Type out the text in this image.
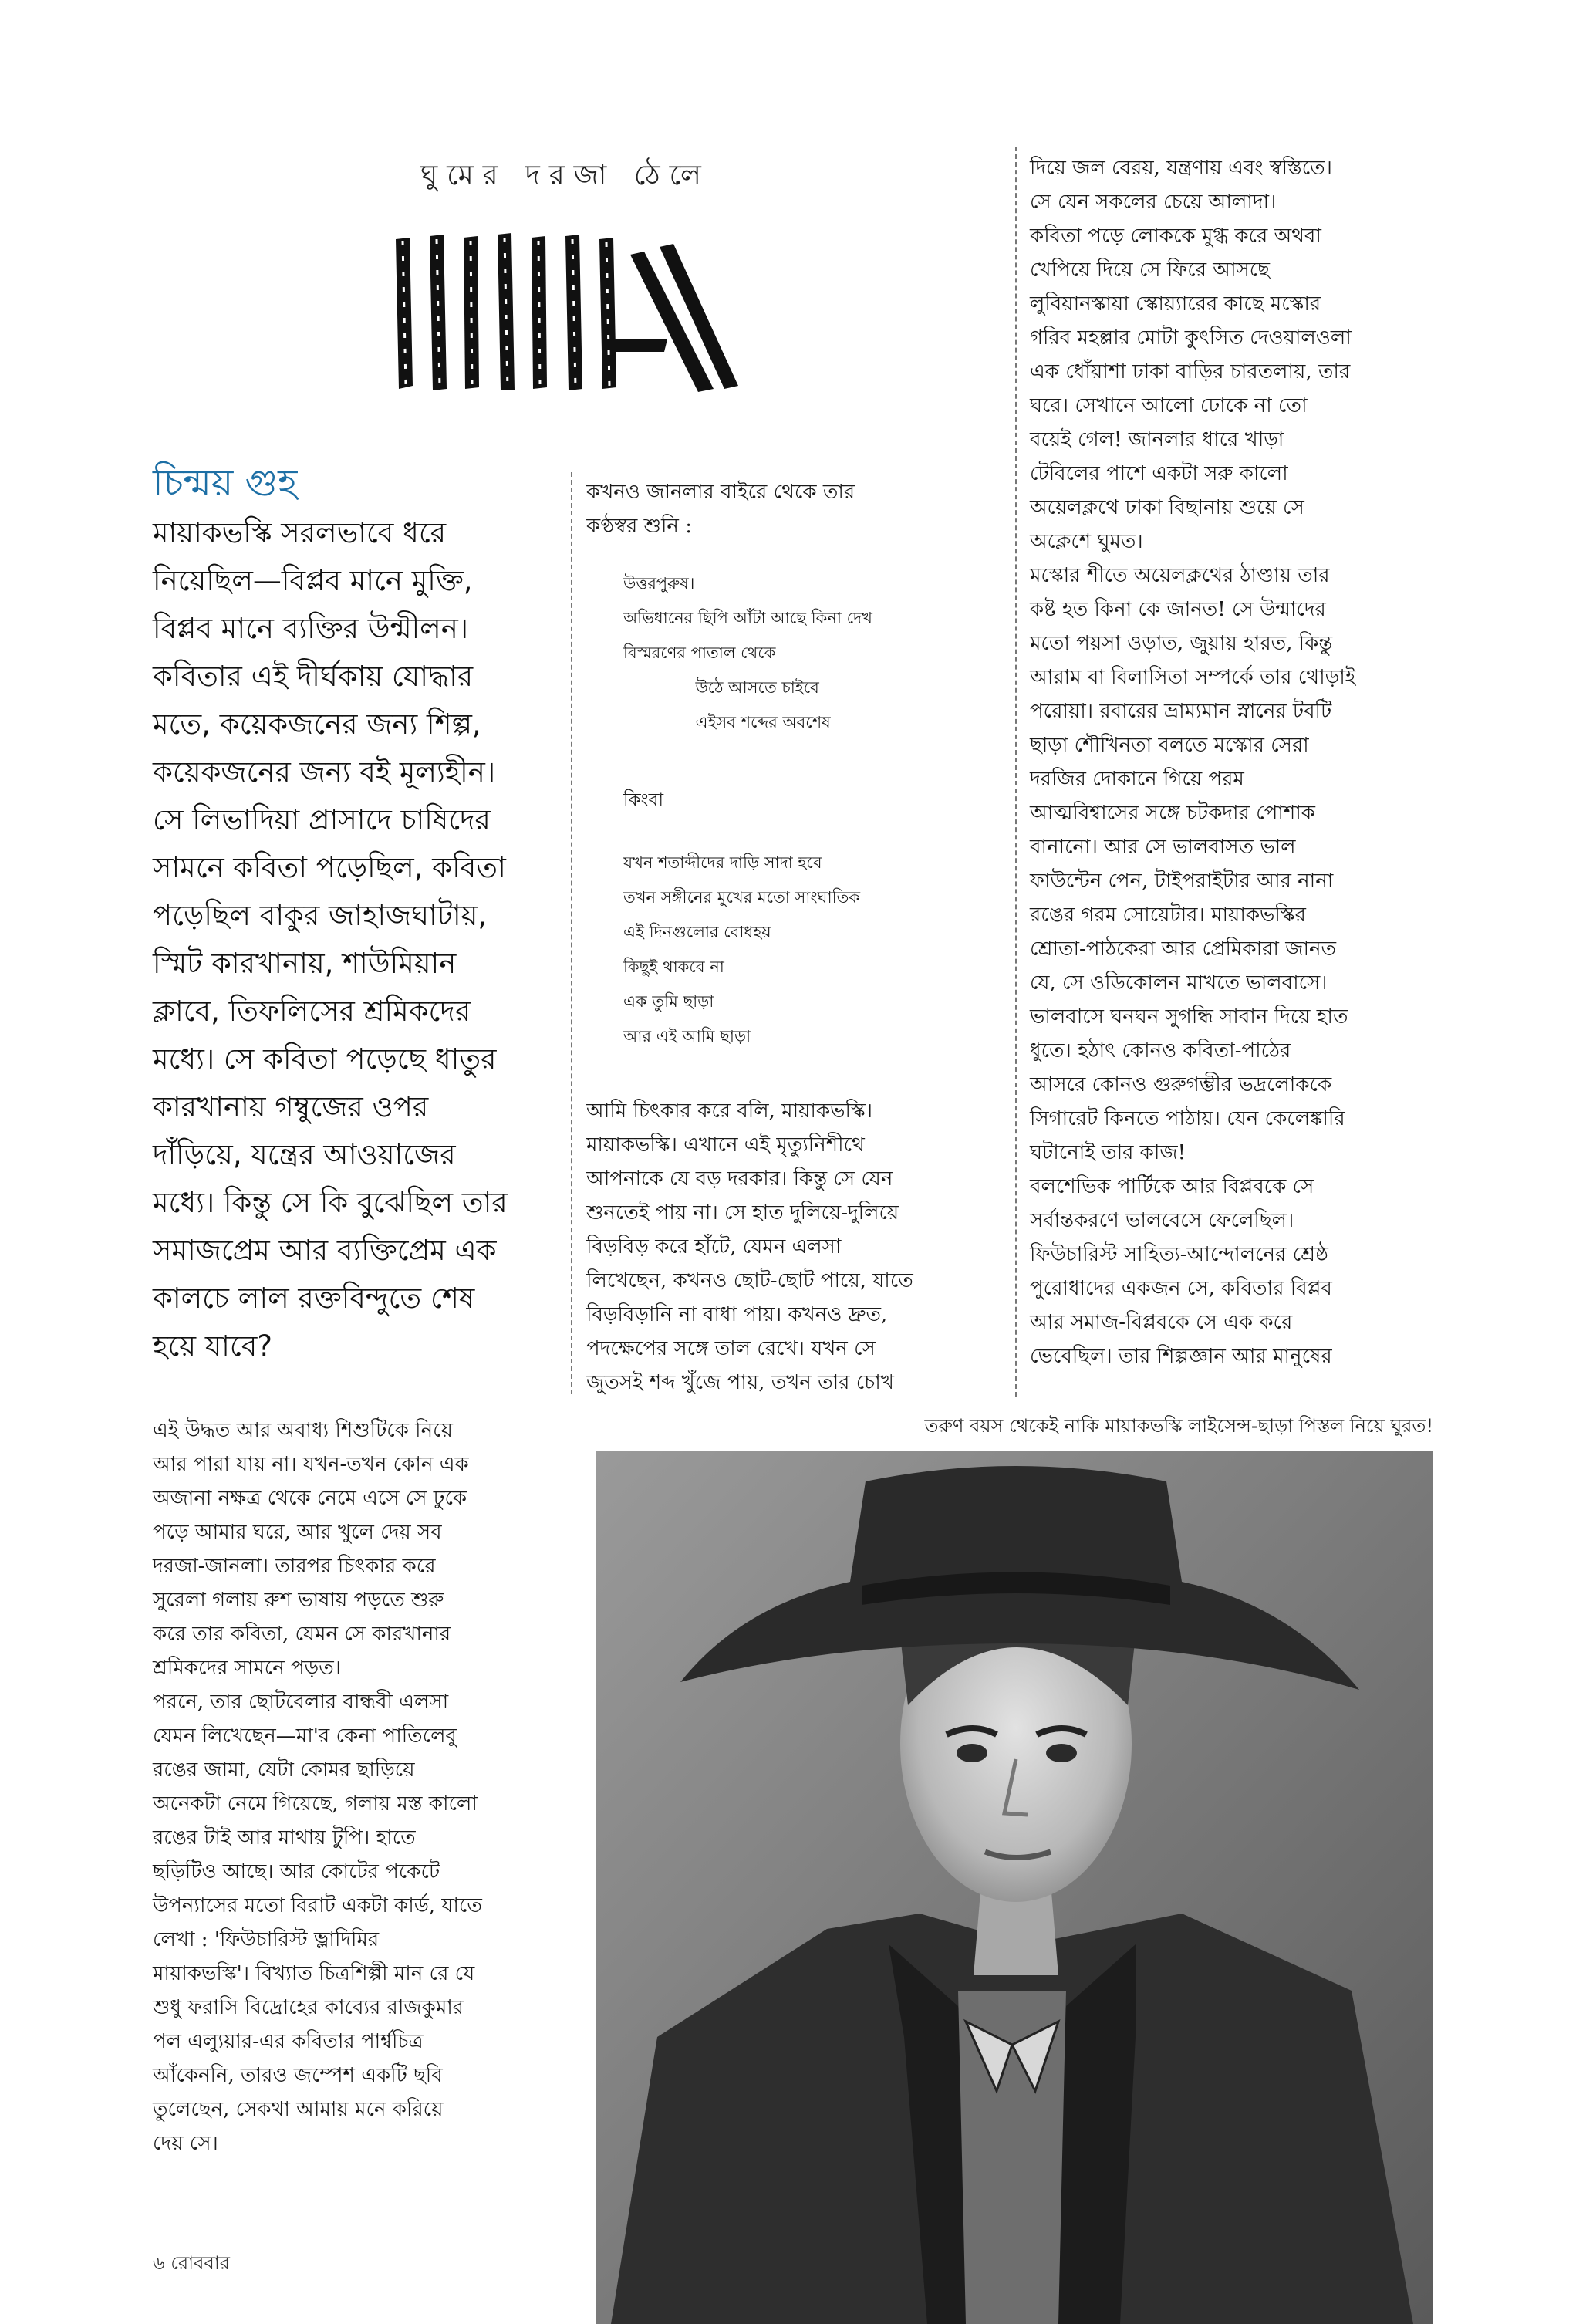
ঘুমের দরজা ঠেলে
চিন্ময় গুহ
মায়াকভস্কি সরলভাবে ধরে
নিয়েছিল—বিপ্লব মানে মুক্তি,
বিপ্লব মানে ব্যক্তির উন্মীলন।
কবিতার এই দীর্ঘকায় যোদ্ধার
মতে, কয়েকজনের জন্য শিল্প,
কয়েকজনের জন্য বই মূল্যহীন।
সে লিভাদিয়া প্রাসাদে চাষিদের
সামনে কবিতা পড়েছিল, কবিতা
পড়েছিল বাকুর জাহাজঘাটায়,
স্মিট কারখানায়, শাউমিয়ান
ক্লাবে, তিফলিসের শ্রমিকদের
মধ্যে। সে কবিতা পড়েছে ধাতুর
কারখানায় গম্বুজের ওপর
দাঁড়িয়ে, যন্ত্রের আওয়াজের
মধ্যে। কিন্তু সে কি বুঝেছিল তার
সমাজপ্রেম আর ব্যক্তিপ্রেম এক
কালচে লাল রক্তবিন্দুতে শেষ
হয়ে যাবে?
এই উদ্ধত আর অবাধ্য শিশুটিকে নিয়ে
আর পারা যায় না। যখন-তখন কোন এক
অজানা নক্ষত্র থেকে নেমে এসে সে ঢুকে
পড়ে আমার ঘরে, আর খুলে দেয় সব
দরজা-জানলা। তারপর চিৎকার করে
সুরেলা গলায় রুশ ভাষায় পড়তে শুরু
করে তার কবিতা, যেমন সে কারখানার
শ্রমিকদের সামনে পড়ত।
পরনে, তার ছোটবেলার বান্ধবী এলসা
যেমন লিখেছেন—মা'র কেনা পাতিলেবু
রঙের জামা, যেটা কোমর ছাড়িয়ে
অনেকটা নেমে গিয়েছে, গলায় মস্ত কালো
রঙের টাই আর মাথায় টুপি। হাতে
ছড়িটিও আছে। আর কোটের পকেটে
উপন্যাসের মতো বিরাট একটা কার্ড, যাতে
লেখা : 'ফিউচারিস্ট ভ্লাদিমির
মায়াকভস্কি'। বিখ্যাত চিত্রশিল্পী মান রে যে
শুধু ফরাসি বিদ্রোহের কাব্যের রাজকুমার
পল এল্যুয়ার-এর কবিতার পার্শ্বচিত্র
আঁকেননি, তারও জম্পেশ একটি ছবি
তুলেছেন, সেকথা আমায় মনে করিয়ে
দেয় সে।
কখনও জানলার বাইরে থেকে তার
কণ্ঠস্বর শুনি :
উত্তরপুরুষ।
অভিধানের ছিপি আঁটা আছে কিনা দেখ
বিস্মরণের পাতাল থেকে
উঠে আসতে চাইবে
এইসব শব্দের অবশেষ
কিংবা
যখন শতাব্দীদের দাড়ি সাদা হবে
তখন সঙ্গীনের মুখের মতো সাংঘাতিক
এই দিনগুলোর বোধহয়
কিছুই থাকবে না
এক তুমি ছাড়া
আর এই আমি ছাড়া
আমি চিৎকার করে বলি, মায়াকভস্কি।
মায়াকভস্কি। এখানে এই মৃত্যুনিশীথে
আপনাকে যে বড় দরকার। কিন্তু সে যেন
শুনতেই পায় না। সে হাত দুলিয়ে-দুলিয়ে
বিড়বিড় করে হাঁটে, যেমন এলসা
লিখেছেন, কখনও ছোট-ছোট পায়ে, যাতে
বিড়বিড়ানি না বাধা পায়। কখনও দ্রুত,
পদক্ষেপের সঙ্গে তাল রেখে। যখন সে
জুতসই শব্দ খুঁজে পায়, তখন তার চোখ
দিয়ে জল বেরয়, যন্ত্রণায় এবং স্বস্তিতে।
সে যেন সকলের চেয়ে আলাদা।
কবিতা পড়ে লোককে মুগ্ধ করে অথবা
খেপিয়ে দিয়ে সে ফিরে আসছে
লুবিয়ানস্কায়া স্কোয়্যারের কাছে মস্কোর
গরিব মহল্লার মোটা কুৎসিত দেওয়ালওলা
এক ধোঁয়াশা ঢাকা বাড়ির চারতলায়, তার
ঘরে। সেখানে আলো ঢোকে না তো
বয়েই গেল! জানলার ধারে খাড়া
টেবিলের পাশে একটা সরু কালো
অয়েলক্লথে ঢাকা বিছানায় শুয়ে সে
অক্লেশে ঘুমত।
মস্কোর শীতে অয়েলক্লথের ঠাণ্ডায় তার
কষ্ট হত কিনা কে জানত! সে উন্মাদের
মতো পয়সা ওড়াত, জুয়ায় হারত, কিন্তু
আরাম বা বিলাসিতা সম্পর্কে তার থোড়াই
পরোয়া। রবারের ভ্রাম্যমান স্নানের টবটি
ছাড়া শৌখিনতা বলতে মস্কোর সেরা
দরজির দোকানে গিয়ে পরম
আত্মবিশ্বাসের সঙ্গে চটকদার পোশাক
বানানো। আর সে ভালবাসত ভাল
ফাউন্টেন পেন, টাইপরাইটার আর নানা
রঙের গরম সোয়েটার। মায়াকভস্কির
শ্রোতা-পাঠকেরা আর প্রেমিকারা জানত
যে, সে ওডিকোলন মাখতে ভালবাসে।
ভালবাসে ঘনঘন সুগন্ধি সাবান দিয়ে হাত
ধুতে। হঠাৎ কোনও কবিতা-পাঠের
আসরে কোনও গুরুগম্ভীর ভদ্রলোককে
সিগারেট কিনতে পাঠায়। যেন কেলেঙ্কারি
ঘটানোই তার কাজ!
বলশেভিক পার্টিকে আর বিপ্লবকে সে
সর্বান্তকরণে ভালবেসে ফেলেছিল।
ফিউচারিস্ট সাহিত্য-আন্দোলনের শ্রেষ্ঠ
পুরোধাদের একজন সে, কবিতার বিপ্লব
আর সমাজ-বিপ্লবকে সে এক করে
ভেবেছিল। তার শিল্পজ্ঞান আর মানুষের
তরুণ বয়স থেকেই নাকি মায়াকভস্কি লাইসেন্স-ছাড়া পিস্তল নিয়ে ঘুরত!
৬ রোববার
